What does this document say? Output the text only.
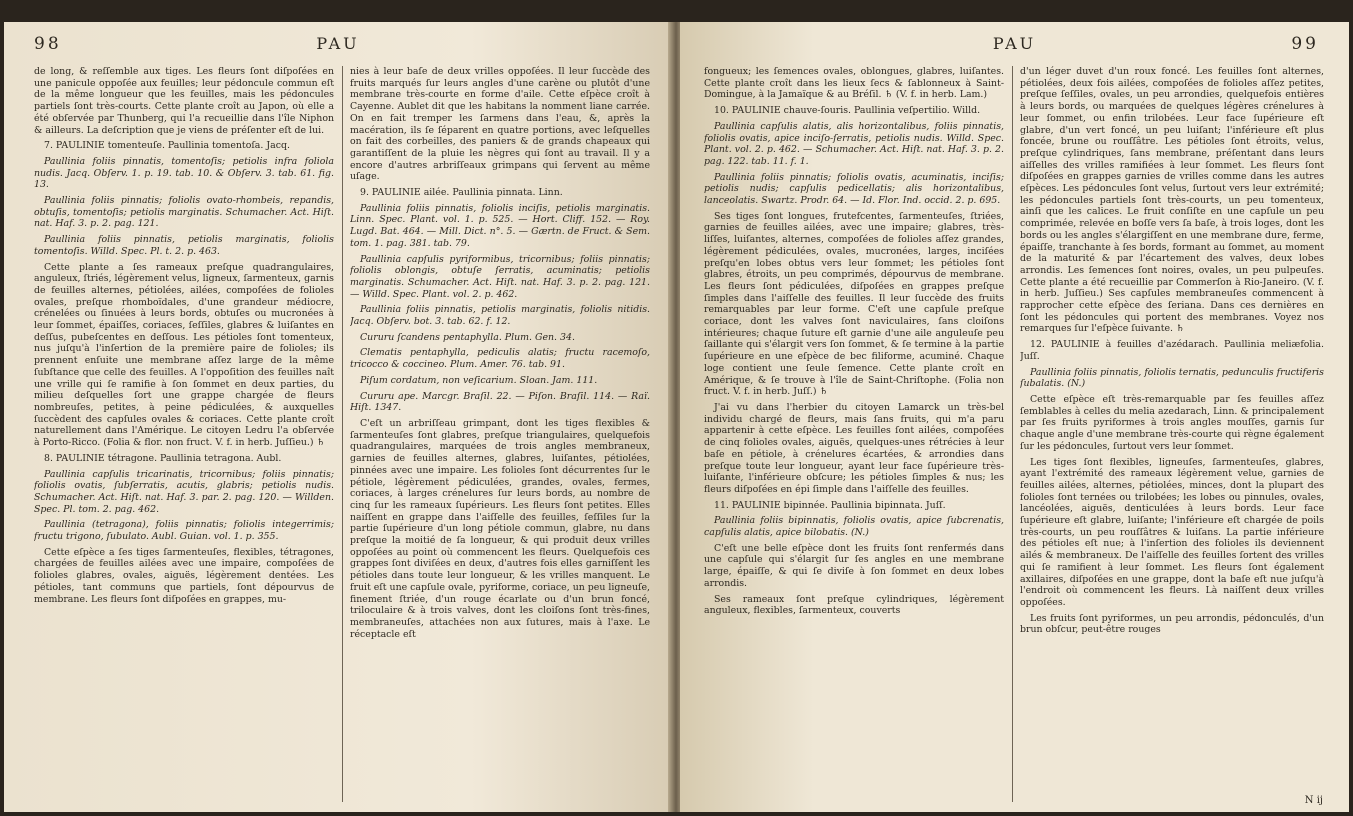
98	PAU

de long, & reſſemble aux tiges. Les fleurs ſont diſpoſées en une panicule oppoſée aux feuilles; leur pédoncule commun eſt de la même longueur que les feuilles, mais les pédoncules partiels ſont très-courts. Cette plante croît au Japon, où elle a été obſervée par Thunberg, qui l'a recueillie dans l'île Niphon & ailleurs. La deſcription que je viens de préſenter eſt de lui.

7. PAULINIE tomenteuſe. Paullinia tomentoſa. Jacq.

Paullinia foliis pinnatis, tomentoſis; petiolis infra foliola nudis. Jacq. Obſerv. 1. p. 19. tab. 10. & Obſerv. 3. tab. 61. fig. 13.

Paullinia foliis pinnatis; foliolis ovato-rhombeis, repandis, obtuſis, tomentoſis; petiolis marginatis. Schumacher. Act. Hiſt. nat. Haf. 3. p. 2. pag. 121.

Paullinia foliis pinnatis, petiolis marginatis, foliolis tomentoſis. Willd. Spec. Pl. t. 2. p. 463.

Cette plante a ſes rameaux preſque quadrangulaires, anguleux, ſtriés, légèrement velus, ligneux, ſarmenteux, garnis de feuilles alternes, pétiolées, ailées, compoſées de folioles ovales, preſque rhomboïdales, d'une grandeur médiocre, crénelées ou ſinuées à leurs bords, obtuſes ou mucronées à leur ſommet, épaiſſes, coriaces, ſeſſiles, glabres & luiſantes en deſſus, pubeſcentes en deſſous. Les pétioles ſont tomenteux, nus juſqu'à l'inſertion de la première paire de folioles; ils prennent enſuite une membrane aſſez large de la même ſubſtance que celle des feuilles. A l'oppoſition des feuilles naît une vrille qui ſe ramifie à ſon ſommet en deux parties, du milieu deſquelles ſort une grappe chargée de fleurs nombreuſes, petites, à peine pédiculées, & auxquelles ſuccèdent des capſules ovales & coriaces. Cette plante croît naturellement dans l'Amérique. Le citoyen Ledru l'a obſervée à Porto-Ricco. (Folia & flor. non fruct. V. f. in herb. Juſſieu.) ♄

8. PAULINIE tétragone. Paullinia tetragona. Aubl.

Paullinia capſulis tricarinatis, tricornibus; foliis pinnatis; foliolis ovatis, ſubſerratis, acutis, glabris; petiolis nudis. Schumacher. Act. Hiſt. nat. Haf. 3. par. 2. pag. 120. — Willden. Spec. Pl. tom. 2. pag. 462.

Paullinia (tetragona), foliis pinnatis; foliolis integerrimis; fructu trigono, ſubulato. Aubl. Guian. vol. 1. p. 355.

Cette eſpèce a ſes tiges ſarmenteuſes, flexibles, tétragones, chargées de feuilles ailées avec une impaire, compoſées de folioles glabres, ovales, aiguës, légèrement dentées. Les pétioles, tant communs que partiels, ſont dépourvus de membrane. Les fleurs ſont diſpoſées en grappes, mu-

nies à leur baſe de deux vrilles oppoſées. Il leur ſuccède des fruits marqués ſur leurs angles d'une carène ou plutôt d'une membrane très-courte en forme d'aile. Cette eſpèce croît à Cayenne. Aublet dit que les habitans la nomment liane carrée. On en fait tremper les ſarmens dans l'eau, &, après la macération, ils ſe ſéparent en quatre portions, avec leſquelles on fait des corbeilles, des paniers & de grands chapeaux qui garantiſſent de la pluie les nègres qui ſont au travail. Il y a encore d'autres arbriſſeaux grimpans qui ſervent au même uſage.

9. PAULINIE ailée. Paullinia pinnata. Linn.

Paullinia foliis pinnatis, foliolis inciſis, petiolis marginatis. Linn. Spec. Plant. vol. 1. p. 525. — Hort. Cliff. 152. — Roy. Lugd. Bat. 464. — Mill. Dict. n°. 5. — Gærtn. de Fruct. & Sem. tom. 1. pag. 381. tab. 79.

Paullinia capſulis pyriformibus, tricornibus; foliis pinnatis; foliolis oblongis, obtuſe ſerratis, acuminatis; petiolis marginatis. Schumacher. Act. Hiſt. nat. Haf. 3. p. 2. pag. 121. — Willd. Spec. Plant. vol. 2. p. 462.

Paullinia foliis pinnatis, petiolis marginatis, foliolis nitidis. Jacq. Obſerv. bot. 3. tab. 62. f. 12.

Cururu ſcandens pentaphylla. Plum. Gen. 34.

Clematis pentaphylla, pediculis alatis; fructu racemoſo, tricocco & coccineo. Plum. Amer. 76. tab. 91.

Piſum cordatum, non veſicarium. Sloan. Jam. 111.

Cururu ape. Marcgr. Braſil. 22. — Piſon. Braſil. 114. — Raï. Hiſt. 1347.

C'eſt un arbriſſeau grimpant, dont les tiges flexibles & ſarmenteuſes ſont glabres, preſque triangulaires, quelquefois quadrangulaires, marquées de trois angles membraneux, garnies de feuilles alternes, glabres, luiſantes, pétiolées, pinnées avec une impaire. Les folioles ſont décurrentes ſur le pétiole, légèrement pédiculées, grandes, ovales, fermes, coriaces, à larges crénelures ſur leurs bords, au nombre de cinq ſur les rameaux ſupérieurs. Les fleurs ſont petites. Elles naiſſent en grappe dans l'aiſſelle des feuilles, ſeſſiles ſur la partie ſupérieure d'un long pétiole commun, glabre, nu dans preſque la moitié de ſa longueur, & qui produit deux vrilles oppoſées au point où commencent les fleurs. Quelquefois ces grappes ſont diviſées en deux, d'autres fois elles garniſſent les pétioles dans toute leur longueur, & les vrilles manquent. Le fruit eſt une capſule ovale, pyriforme, coriace, un peu ligneuſe, finement ſtriée, d'un rouge écarlate ou d'un brun foncé, triloculaire & à trois valves, dont les cloiſons ſont très-fines, membraneuſes, attachées non aux ſutures, mais à l'axe. Le réceptacle eſt

PAU	99

fongueux; les ſemences ovales, oblongues, glabres, luiſantes. Cette plante croît dans les lieux ſecs & ſablonneux à Saint-Domingue, à la Jamaïque & au Bréſil. ♄ (V. f. in herb. Lam.)

10. PAULINIE chauve-ſouris. Paullinia veſpertilio. Willd.

Paullinia capſulis alatis, alis horizontalibus, foliis pinnatis, foliolis ovatis, apice inciſo-ſerratis, petiolis nudis. Willd. Spec. Plant. vol. 2. p. 462. — Schumacher. Act. Hiſt. nat. Haf. 3. p. 2. pag. 122. tab. 11. f. 1.

Paullinia foliis pinnatis; foliolis ovatis, acuminatis, inciſis; petiolis nudis; capſulis pedicellatis; alis horizontalibus, lanceolatis. Swartz. Prodr. 64. — Id. Flor. Ind. occid. 2. p. 695.

Ses tiges ſont longues, frutefcentes, ſarmenteuſes, ſtriées, garnies de feuilles ailées, avec une impaire; glabres, très-liſſes, luiſantes, alternes, compoſées de folioles aſſez grandes, légèrement pédiculées, ovales, mucronées, larges, inciſées preſqu'en lobes obtus vers leur ſommet; les pétioles ſont glabres, étroits, un peu comprimés, dépourvus de membrane. Les fleurs ſont pédiculées, diſpoſées en grappes preſque ſimples dans l'aiſſelle des feuilles. Il leur ſuccède des fruits remarquables par leur forme. C'eſt une capſule preſque coriace, dont les valves ſont naviculaires, ſans cloiſons intérieures; chaque ſuture eſt garnie d'une aile anguleuſe peu ſaillante qui s'élargit vers ſon ſommet, & ſe termine à la partie ſupérieure en une eſpèce de bec filiforme, acuminé. Chaque loge contient une ſeule ſemence. Cette plante croît en Amérique, & ſe trouve à l'île de Saint-Chriſtophe. (Folia non fruct. V. f. in herb. Juſſ.) ♄

J'ai vu dans l'herbier du citoyen Lamarck un très-bel individu chargé de fleurs, mais ſans fruits, qui m'a paru appartenir à cette eſpèce. Les feuilles ſont ailées, compoſées de cinq folioles ovales, aiguës, quelques-unes rétrécies à leur baſe en pétiole, à crénelures écartées, & arrondies dans preſque toute leur longueur, ayant leur face ſupérieure très-luiſante, l'inférieure obſcure; les pétioles ſimples & nus; les fleurs diſpoſées en épi ſimple dans l'aiſſelle des feuilles.

11. PAULINIE bipinnée. Paullinia bipinnata. Juſſ.

Paullinia foliis bipinnatis, foliolis ovatis, apice ſubcrenatis, capſulis alatis, apice bilobatis. (N.)

C'eſt une belle eſpèce dont les fruits ſont renfermés dans une capſule qui s'élargit ſur ſes angles en une membrane large, épaiſſe, & qui ſe diviſe à ſon ſommet en deux lobes arrondis.

Ses rameaux ſont preſque cylindriques, légèrement anguleux, flexibles, ſarmenteux, couverts

d'un léger duvet d'un roux foncé. Les feuilles ſont alternes, pétiolées, deux fois ailées, compoſées de folioles aſſez petites, preſque ſeſſiles, ovales, un peu arrondies, quelquefois entières à leurs bords, ou marquées de quelques légères crénelures à leur ſommet, ou enfin trilobées. Leur face ſupérieure eſt glabre, d'un vert foncé, un peu luiſant; l'inférieure eſt plus foncée, brune ou rouſſâtre. Les pétioles ſont étroits, velus, preſque cylindriques, ſans membrane, préſentant dans leurs aiſſelles des vrilles ramifiées à leur ſommet. Les fleurs ſont diſpoſées en grappes garnies de vrilles comme dans les autres eſpèces. Les pédoncules ſont velus, ſurtout vers leur extrémité; les pédoncules partiels ſont très-courts, un peu tomenteux, ainſi que les calices. Le fruit conſiſte en une capſule un peu comprimée, relevée en boſſe vers ſa baſe, à trois loges, dont les bords ou les angles s'élargiſſent en une membrane dure, ferme, épaiſſe, tranchante à ſes bords, formant au ſommet, au moment de la maturité & par l'écartement des valves, deux lobes arrondis. Les ſemences ſont noires, ovales, un peu pulpeuſes. Cette plante a été recueillie par Commerſon à Rio-Janeiro. (V. f. in herb. Juſſieu.) Ses capſules membraneuſes commencent à rapprocher cette eſpèce des ſeriana. Dans ces dernières en ſont les pédoncules qui portent des membranes. Voyez nos remarques ſur l'eſpèce ſuivante. ♄

12. PAULINIE à feuilles d'azédarach. Paullinia meliæfolia. Juſſ.

Paullinia foliis pinnatis, foliolis ternatis, pedunculis fructiferis ſubalatis. (N.)

Cette eſpèce eſt très-remarquable par ſes feuilles aſſez ſemblables à celles du melia azedarach, Linn. & principalement par ſes fruits pyriformes à trois angles mouſſes, garnis ſur chaque angle d'une membrane très-courte qui règne également ſur les pédoncules, ſurtout vers leur ſommet.

Les tiges ſont flexibles, ligneuſes, ſarmenteuſes, glabres, ayant l'extrémité des rameaux légèrement velue, garnies de feuilles ailées, alternes, pétiolées, minces, dont la plupart des folioles ſont ternées ou trilobées; les lobes ou pinnules, ovales, lancéolées, aiguës, denticulées à leurs bords. Leur face ſupérieure eſt glabre, luiſante; l'inférieure eſt chargée de poils très-courts, un peu rouſſâtres & luiſans. La partie inférieure des pétioles eſt nue; à l'inſertion des folioles ils deviennent ailés & membraneux. De l'aiſſelle des feuilles ſortent des vrilles qui ſe ramifient à leur ſommet. Les fleurs ſont également axillaires, diſpoſées en une grappe, dont la baſe eſt nue juſqu'à l'endroit où commencent les fleurs. Là naiſſent deux vrilles oppoſées.

Les fruits ſont pyriformes, un peu arrondis, pédonculés, d'un brun obſcur, peut-être rouges

N ij
